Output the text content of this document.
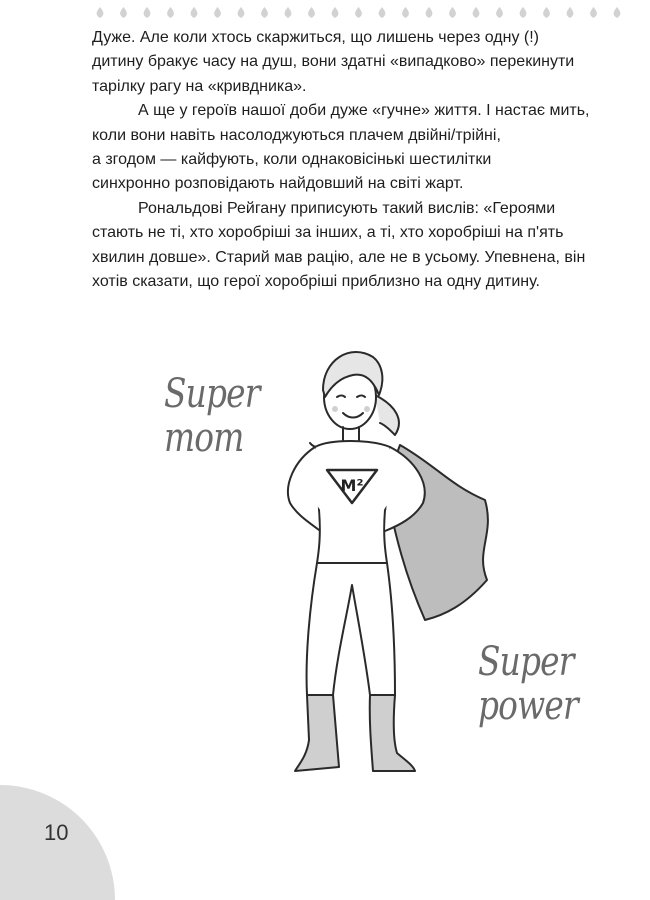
Дуже. Але коли хтось скаржиться, що лишень через одну (!)
дитину бракує часу на душ, вони здатні «випадково» перекинути
тарілку рагу на «кривдника».

А ще у героїв нашої доби дуже «гучне» життя. І настає мить,
коли вони навіть насолоджуються плачем двійні/трійні,
а згодом — кайфують, коли однаковісінькі шестилітки
синхронно розповідають найдовший на світі жарт.

Рональдові Рейгану приписують такий вислів: «Героями
стають не ті, хто хоробріші за інших, а ті, хто хоробріші на п'ять
хвилин довше». Старий мав рацію, але не в усьому. Упевнена, він
хотів сказати, що герої хоробріші приблизно на одну дитину.

Super
mom
Super
power
M²
10
